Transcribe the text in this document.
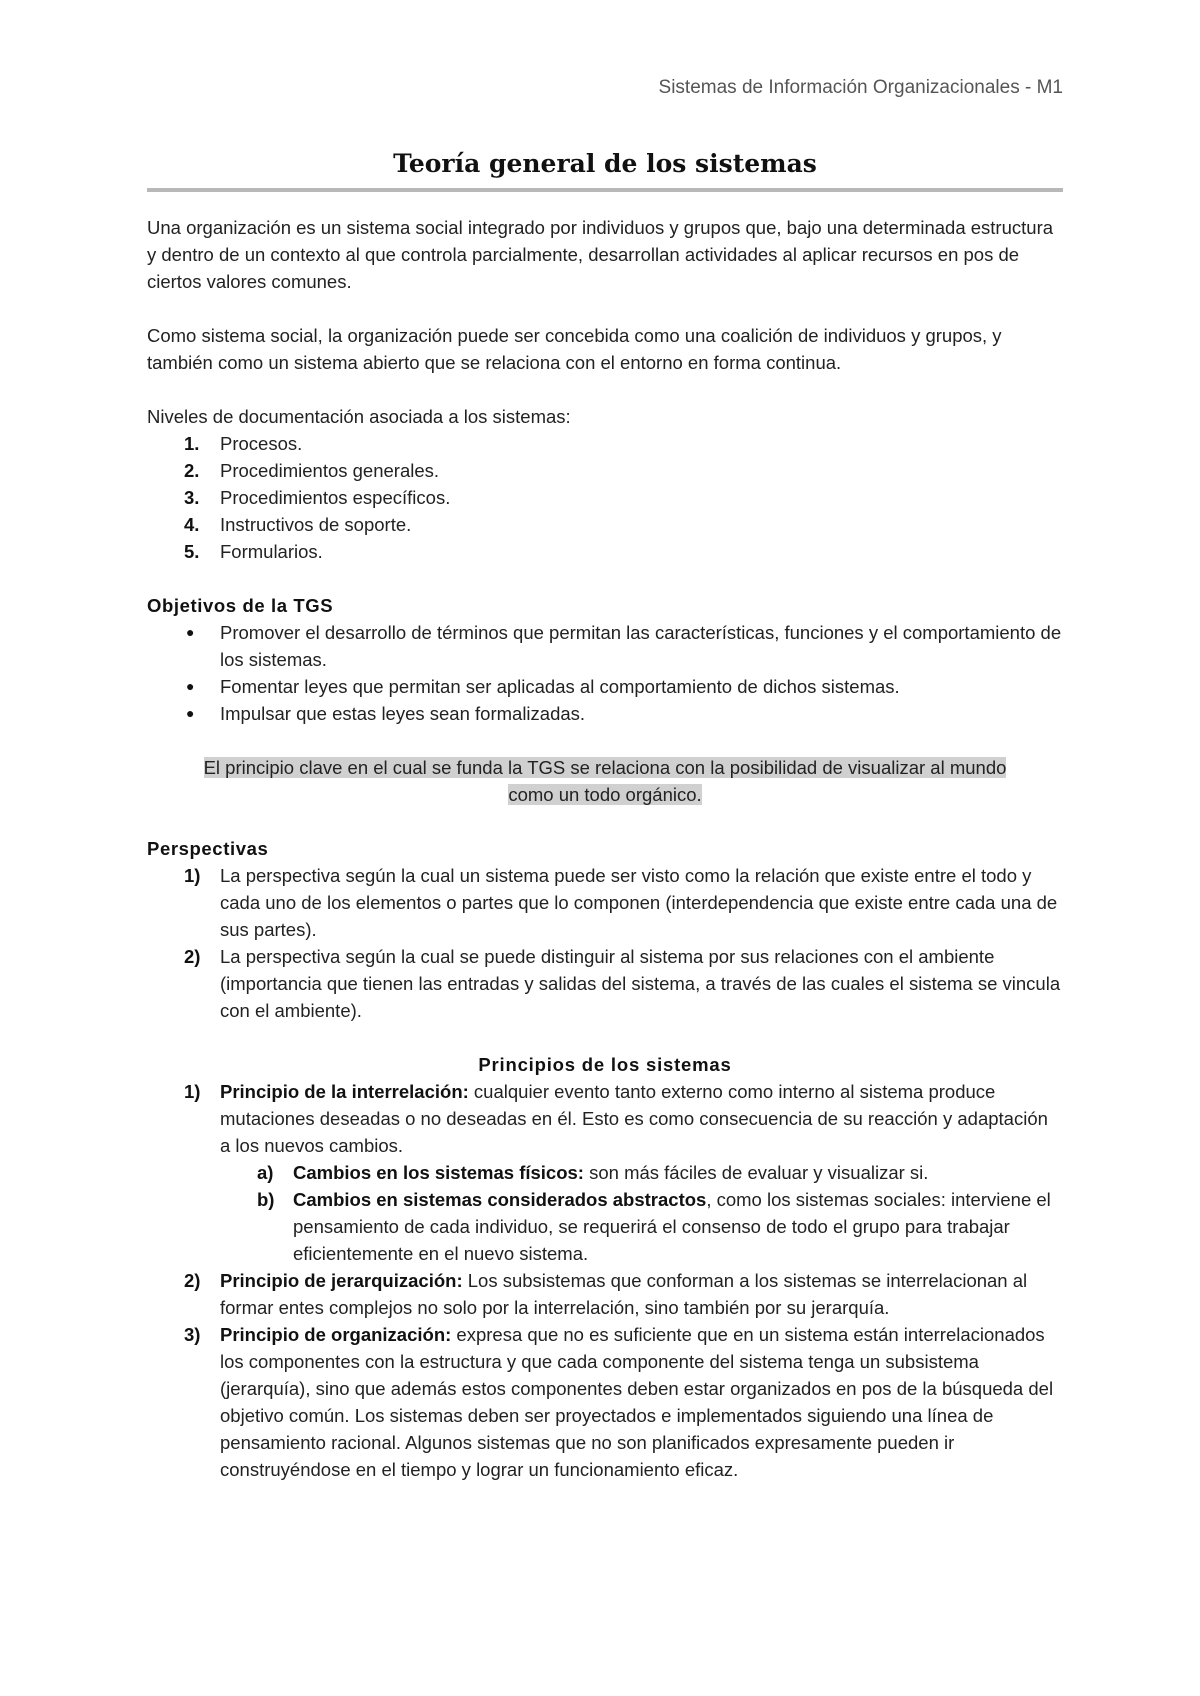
Sistemas de Información Organizacionales - M1
Teoría general de los sistemas

Una organización es un sistema social integrado por individuos y grupos que, bajo una determinada estructura y dentro de un contexto al que controla parcialmente, desarrollan actividades al aplicar recursos en pos de ciertos valores comunes.

Como sistema social, la organización puede ser concebida como una coalición de individuos y grupos, y también como un sistema abierto que se relaciona con el entorno en forma continua.

Niveles de documentación asociada a los sistemas:

1. Procesos.
2. Procedimientos generales.
3. Procedimientos específicos.
4. Instructivos de soporte.
5. Formularios.

Objetivos de la TGS

● Promover el desarrollo de términos que permitan las características, funciones y el comportamiento de los sistemas.
● Fomentar leyes que permitan ser aplicadas al comportamiento de dichos sistemas.
● Impulsar que estas leyes sean formalizadas.
El principio clave en el cual se funda la TGS se relaciona con la posibilidad de visualizar al mundo
como un todo orgánico.

Perspectivas

1) La perspectiva según la cual un sistema puede ser visto como la relación que existe entre el todo y cada uno de los elementos o partes que lo componen (interdependencia que existe entre cada una de sus partes).
2) La perspectiva según la cual se puede distinguir al sistema por sus relaciones con el ambiente (importancia que tienen las entradas y salidas del sistema, a través de las cuales el sistema se vincula con el ambiente).

Principios de los sistemas

1) Principio de la interrelación: cualquier evento tanto externo como interno al sistema produce mutaciones deseadas o no deseadas en él. Esto es como consecuencia de su reacción y adaptación a los nuevos cambios.
a) Cambios en los sistemas físicos: son más fáciles de evaluar y visualizar si.
b) Cambios en sistemas considerados abstractos, como los sistemas sociales: interviene el pensamiento de cada individuo, se requerirá el consenso de todo el grupo para trabajar eficientemente en el nuevo sistema.
2) Principio de jerarquización: Los subsistemas que conforman a los sistemas se interrelacionan al formar entes complejos no solo por la interrelación, sino también por su jerarquía.
3) Principio de organización: expresa que no es suficiente que en un sistema están interrelacionados los componentes con la estructura y que cada componente del sistema tenga un subsistema (jerarquía), sino que además estos componentes deben estar organizados en pos de la búsqueda del objetivo común. Los sistemas deben ser proyectados e implementados siguiendo una línea de pensamiento racional. Algunos sistemas que no son planificados expresamente pueden ir construyéndose en el tiempo y lograr un funcionamiento eficaz.
